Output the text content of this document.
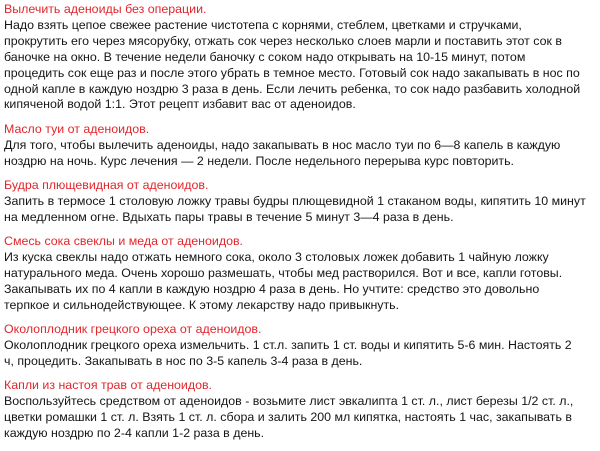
Вылечить аденоиды без операции.
Надо взять цепое свежее растение чистотепа с корнями, стеблем, цветками и стручками,
прокрутить его через мясорубку, отжать сок через несколько слоев марли и поставить этот сок в
баночке на окно. В течение недели баночку с соком надо открывать на 10-15 минут, потом
процедить сок еще раз и после этого убрать в темное место. Готовый сок надо закапывать в нос по
одной капле в каждую ноздрю 3 раза в день. Если лечить ребенка, то сок надо разбавить холодной
кипяченой водой 1:1. Этот рецепт избавит вас от аденоидов.
Масло туи от аденоидов.
Для того, чтобы вылечить аденоиды, надо закапывать в нос масло туи по 6—8 капель в каждую
ноздрю на ночь. Курс лечения — 2 недели. После недельного перерыва курс повторить.
Будра плющевидная от аденоидов.
Запить в термосе 1 столовую ложку травы будры плющевидной 1 стаканом воды, кипятить 10 минут
на медленном огне. Вдыхать пары травы в течение 5 минут 3—4 раза в день.
Смесь сока свеклы и меда от аденоидов.
Из куска свеклы надо отжать немного сока, около 3 столовых ложек добавить 1 чайную ложку
натурального меда. Очень хорошо размешать, чтобы мед растворился. Вот и все, капли готовы.
Закапывать их по 4 капли в каждую ноздрю 4 раза в день. Но учтите: средство это довольно
терпкое и сильнодействующее. К этому лекарству надо привыкнуть.
Околоплодник грецкого ореха от аденоидов.
Околоплодник грецкого ореха измельчить. 1 ст.л. запить 1 ст. воды и кипятить 5-6 мин. Настоять 2
ч, процедить. Закапывать в нос по 3-5 капель 3-4 раза в день.
Капли из настоя трав от аденоидов.
Воспользуйтесь средством от аденоидов - возьмите лист эвкалипта 1 ст. л., лист березы 1/2 ст. л.,
цветки ромашки 1 ст. л. Взять 1 ст. л. сбора и залить 200 мл кипятка, настоять 1 час, закапывать в
каждую ноздрю по 2-4 капли 1-2 раза в день.
